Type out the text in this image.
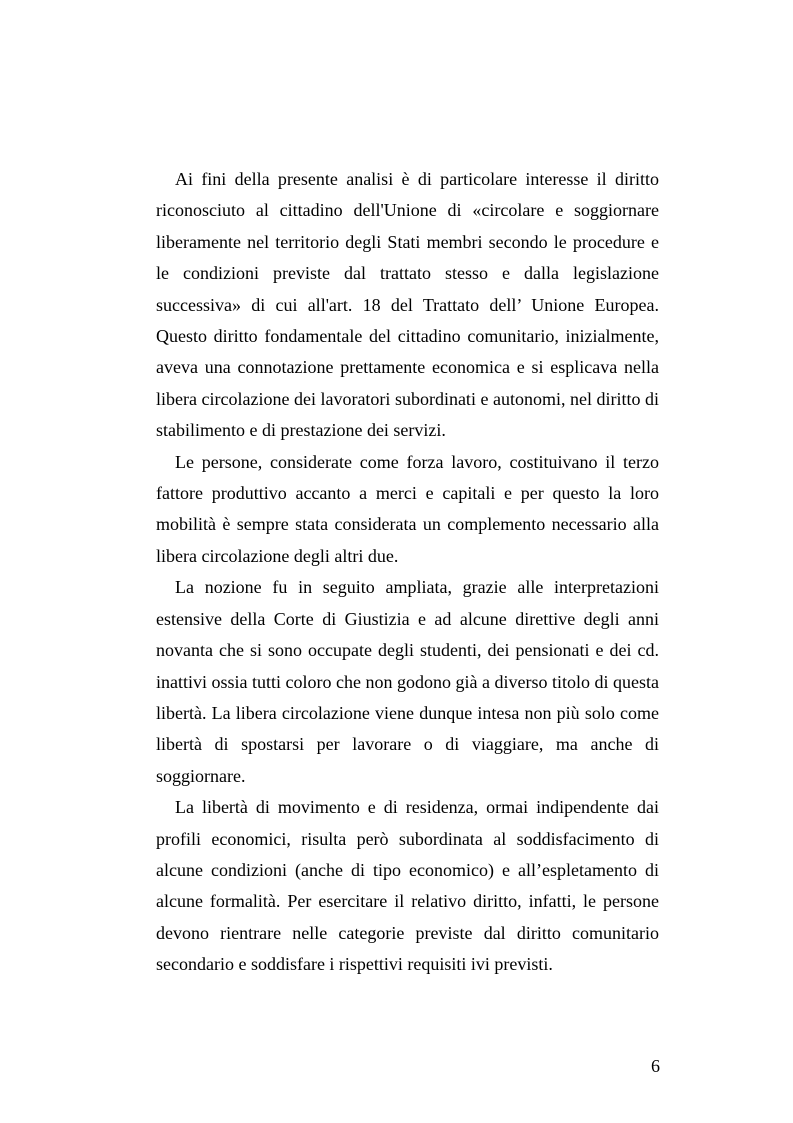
Ai fini della presente analisi è di particolare interesse il diritto riconosciuto al cittadino dell'Unione di «circolare e soggiornare liberamente nel territorio degli Stati membri secondo le procedure e le condizioni previste dal trattato stesso e dalla legislazione successiva» di cui all'art. 18 del Trattato dell’ Unione Europea. Questo diritto fondamentale del cittadino comunitario, inizialmente, aveva una connotazione prettamente economica e si esplicava nella libera circolazione dei lavoratori subordinati e autonomi, nel diritto di stabilimento e di prestazione dei servizi.

Le persone, considerate come forza lavoro, costituivano il terzo fattore produttivo accanto a merci e capitali e per questo la loro mobilità è sempre stata considerata un complemento necessario alla libera circolazione degli altri due.

La nozione fu in seguito ampliata, grazie alle interpretazioni estensive della Corte di Giustizia e ad alcune direttive degli anni novanta che si sono occupate degli studenti, dei pensionati e dei cd. inattivi ossia tutti coloro che non godono già a diverso titolo di questa libertà. La libera circolazione viene dunque intesa non più solo come libertà di spostarsi per lavorare o di viaggiare, ma anche di soggiornare.

La libertà di movimento e di residenza, ormai indipendente dai profili economici, risulta però subordinata al soddisfacimento di alcune condizioni (anche di tipo economico) e all’espletamento di alcune formalità. Per esercitare il relativo diritto, infatti, le persone devono rientrare nelle categorie previste dal diritto comunitario secondario e soddisfare i rispettivi requisiti ivi previsti.

6
